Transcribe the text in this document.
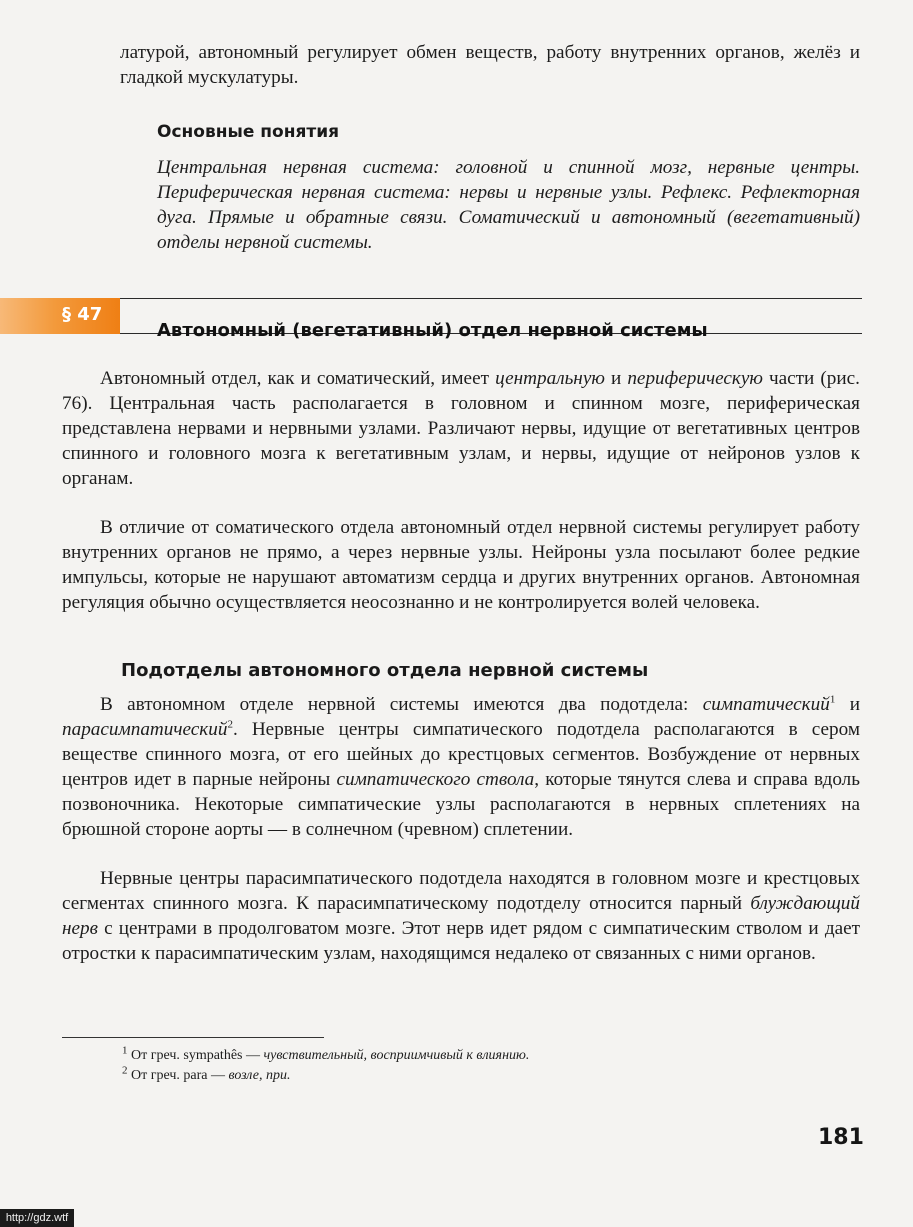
латурой, автономный регулирует обмен веществ, работу внутренних органов, желёз и гладкой мускулатуры.

Основные понятия

Центральная нервная система: головной и спинной мозг, нервные центры. Периферическая нервная система: нервы и нервные узлы. Рефлекс. Рефлекторная дуга. Прямые и обратные связи. Соматический и автономный (вегетативный) отделы нервной системы.

§ 47
Автономный (вегетативный) отдел нервной системы

Автономный отдел, как и соматический, имеет центральную и периферическую части (рис. 76). Центральная часть располагается в головном и спинном мозге, периферическая представлена нервами и нервными узлами. Различают нервы, идущие от вегетативных центров спинного и головного мозга к вегетативным узлам, и нервы, идущие от нейронов узлов к органам.

В отличие от соматического отдела автономный отдел нервной системы регулирует работу внутренних органов не прямо, а через нервные узлы. Нейроны узла посылают более редкие импульсы, которые не нарушают автоматизм сердца и других внутренних органов. Автономная регуляция обычно осуществляется неосознанно и не контролируется волей человека.

Подотделы автономного отдела нервной системы

В автономном отделе нервной системы имеются два подотдела: симпатический$^1$ и парасимпатический$^2$. Нервные центры симпатического подотдела располагаются в сером веществе спинного мозга, от его шейных до крестцовых сегментов. Возбуждение от нервных центров идет в парные нейроны симпатического ствола, которые тянутся слева и справа вдоль позвоночника. Некоторые симпатические узлы располагаются в нервных сплетениях на брюшной стороне аорты — в солнечном (чревном) сплетении.

Нервные центры парасимпатического подотдела находятся в головном мозге и крестцовых сегментах спинного мозга. К парасимпатическому подотделу относится парный блуждающий нерв с центрами в продолговатом мозге. Этот нерв идет рядом с симпатическим стволом и дает отростки к парасимпатическим узлам, находящимся недалеко от связанных с ними органов.

$^1$ От греч. sympathês — чувствительный, восприимчивый к влиянию.

$^2$ От греч. para — возле, при.

181
http://gdz.wtf
